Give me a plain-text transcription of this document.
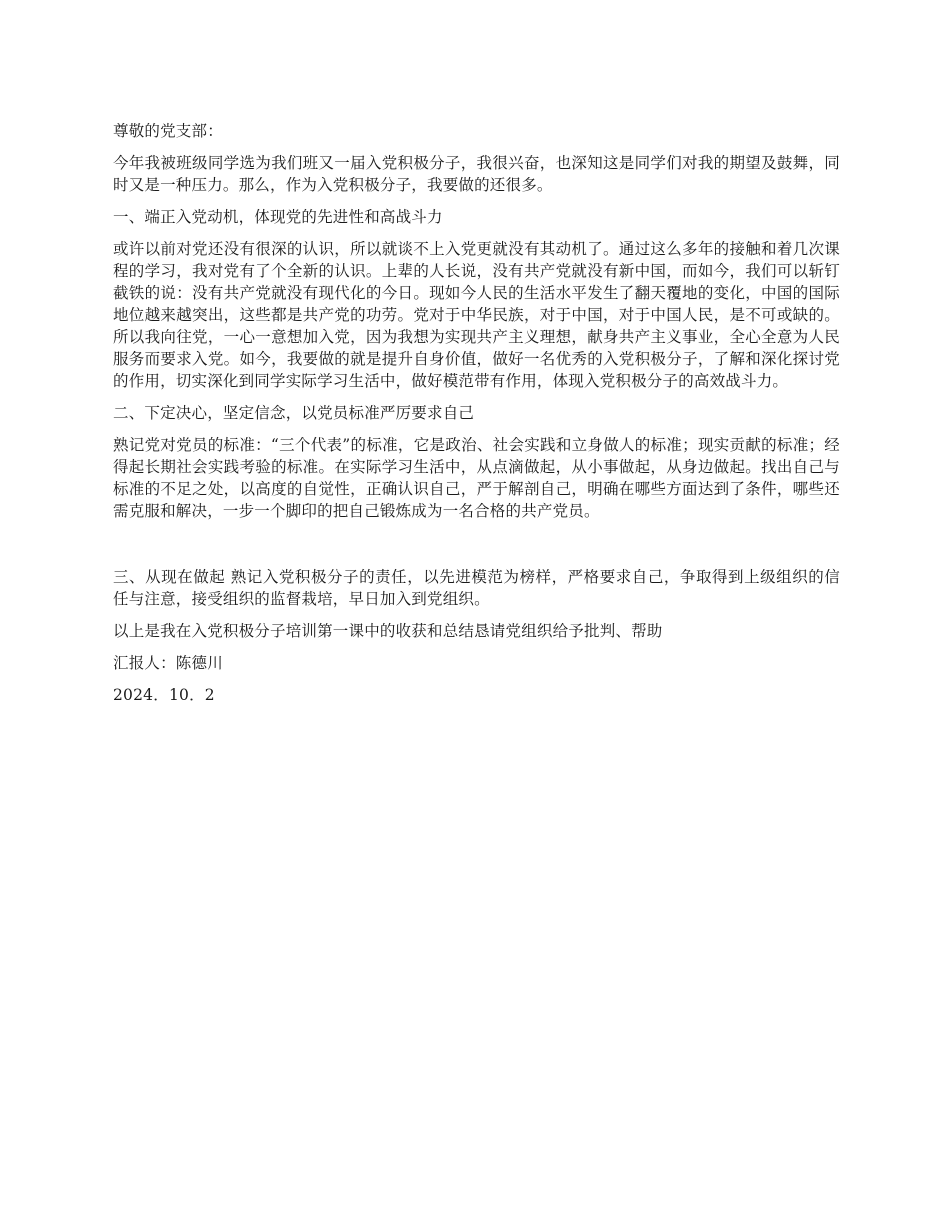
尊敬的党支部：

今年我被班级同学选为我们班又一届入党积极分子，我很兴奋，也深知这是同学们对我的期望及鼓舞，同时又是一种压力。那么，作为入党积极分子，我要做的还很多。

一、端正入党动机，体现党的先进性和高战斗力

或许以前对党还没有很深的认识，所以就谈不上入党更就没有其动机了。通过这么多年的接触和着几次课程的学习，我对党有了个全新的认识。上辈的人长说，没有共产党就没有新中国，而如今，我们可以斩钉截铁的说：没有共产党就没有现代化的今日。现如今人民的生活水平发生了翻天覆地的变化，中国的国际地位越来越突出，这些都是共产党的功劳。党对于中华民族，对于中国，对于中国人民，是不可或缺的。所以我向往党，一心一意想加入党，因为我想为实现共产主义理想，献身共产主义事业，全心全意为人民服务而要求入党。如今，我要做的就是提升自身价值，做好一名优秀的入党积极分子，了解和深化探讨党的作用，切实深化到同学实际学习生活中，做好模范带有作用，体现入党积极分子的高效战斗力。

二、下定决心，坚定信念，以党员标准严厉要求自己

熟记党对党员的标准：“三个代表”的标准，它是政治、社会实践和立身做人的标准；现实贡献的标准；经得起长期社会实践考验的标准。在实际学习生活中，从点滴做起，从小事做起，从身边做起。找出自己与标准的不足之处，以高度的自觉性，正确认识自己，严于解剖自己，明确在哪些方面达到了条件，哪些还需克服和解决，一步一个脚印的把自己锻炼成为一名合格的共产党员。

三、从现在做起 熟记入党积极分子的责任，以先进模范为榜样，严格要求自己，争取得到上级组织的信任与注意，接受组织的监督栽培，早日加入到党组织。

以上是我在入党积极分子培训第一课中的收获和总结恳请党组织给予批判、帮助

汇报人：陈德川

2024．10．2
